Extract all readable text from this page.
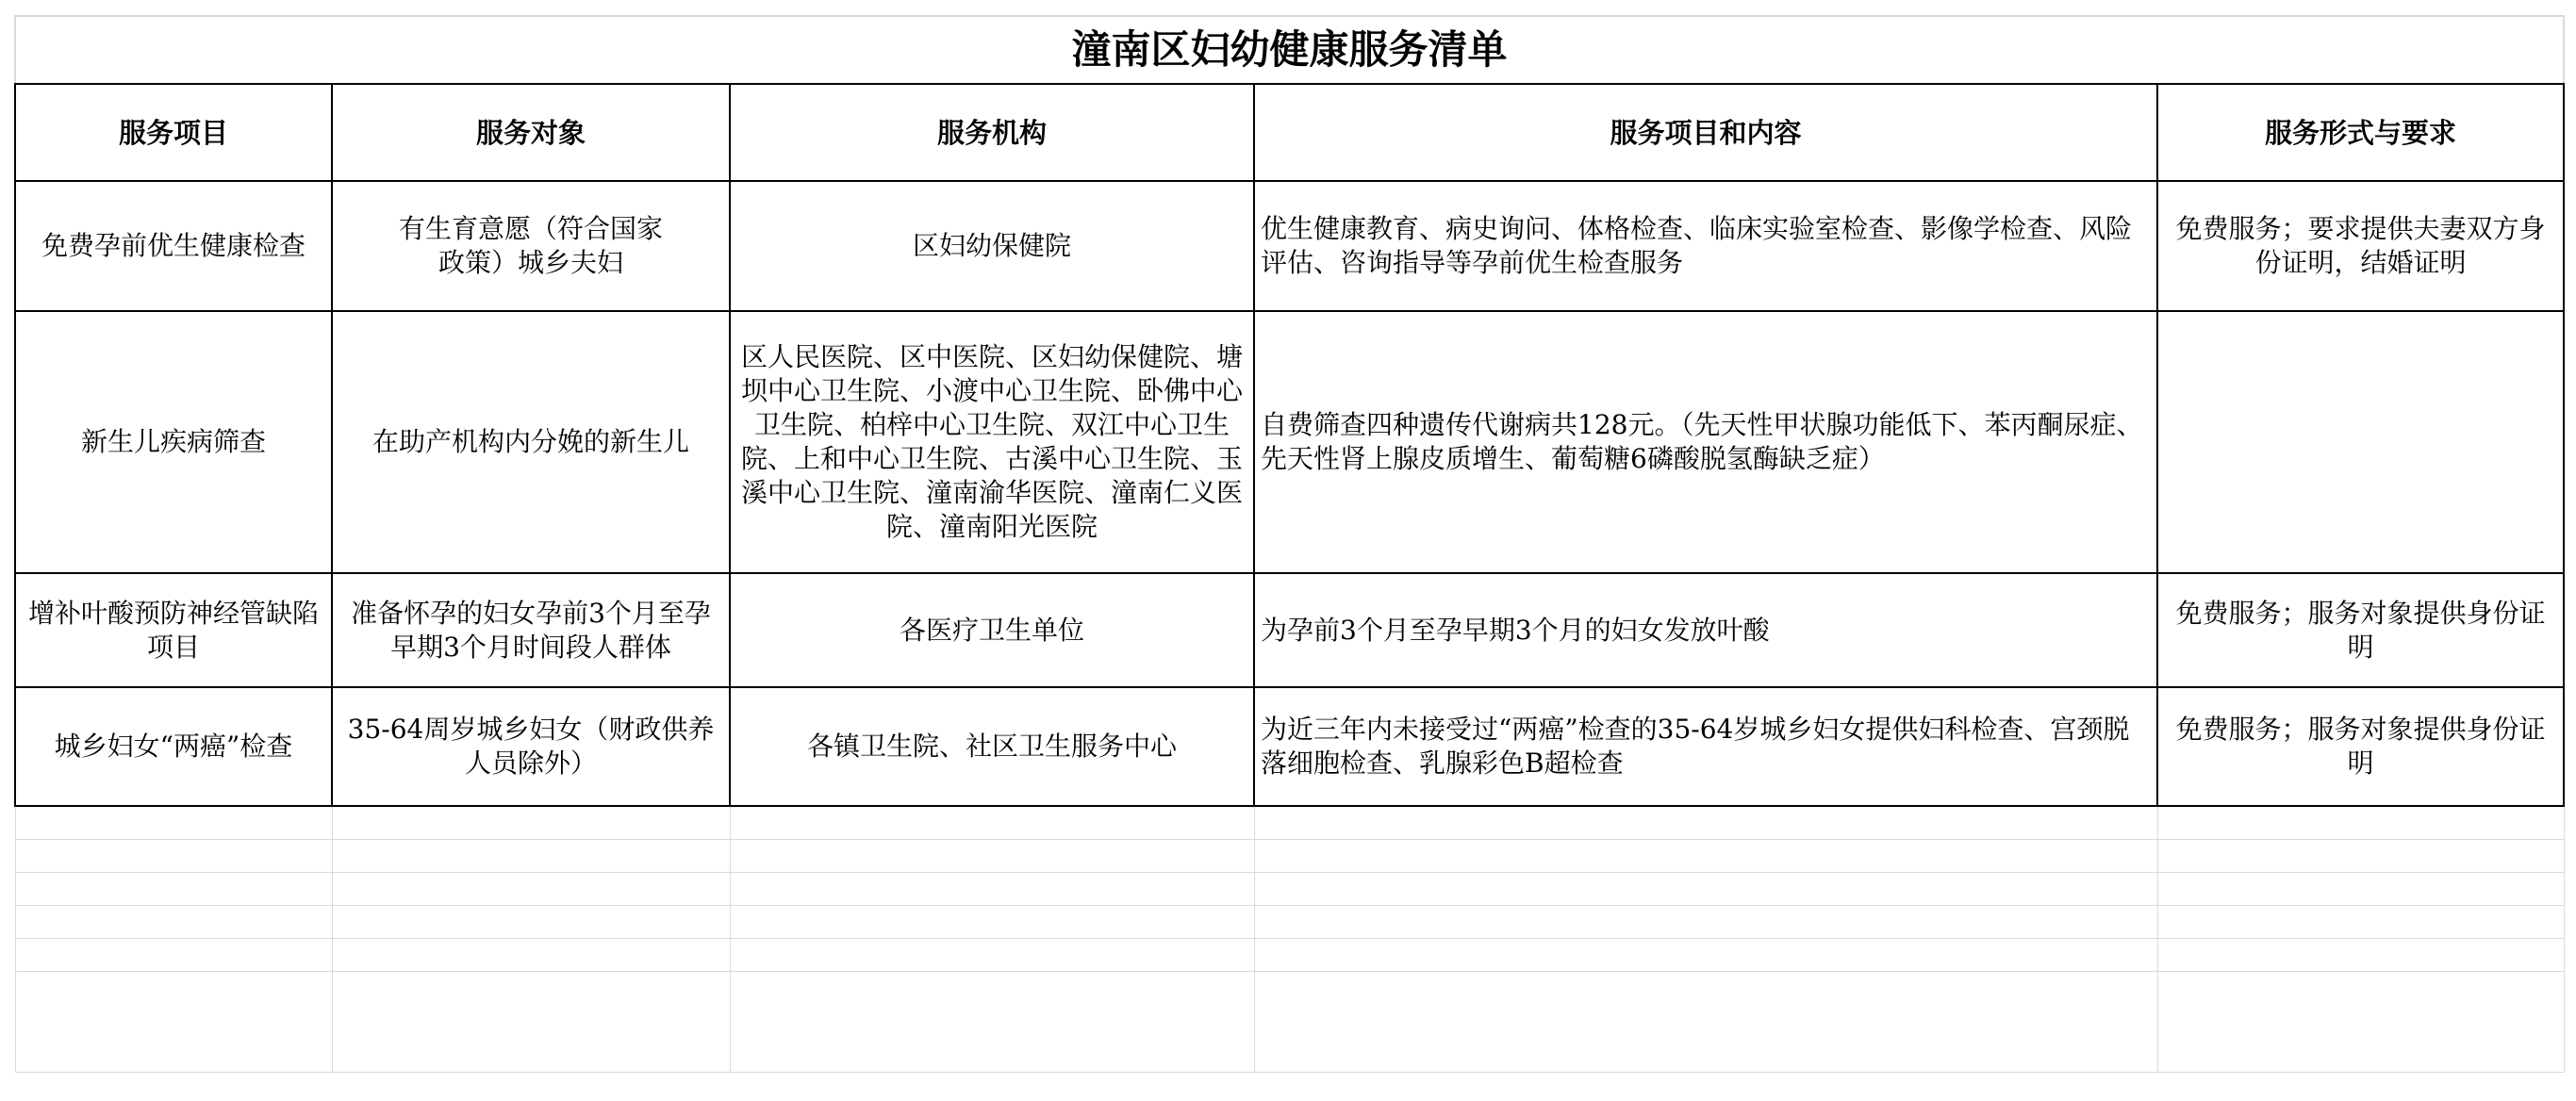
潼南区妇幼健康服务清单				
服务项目	服务对象	服务机构	服务项目和内容	服务形式与要求
免费孕前优生健康检查	有生育意愿（符合国家政策）城乡夫妇	区妇幼保健院	优生健康教育、病史询问、体格检查、临床实验室检查、影像学检查、风险评估、咨询指导等孕前优生检查服务	免费服务；要求提供夫妻双方身份证明，结婚证明
新生儿疾病筛查	在助产机构内分娩的新生儿	区人民医院、区中医院、区妇幼保健院、塘坝中心卫生院、小渡中心卫生院、卧佛中心卫生院、柏梓中心卫生院、双江中心卫生院、上和中心卫生院、古溪中心卫生院、玉溪中心卫生院、潼南渝华医院、潼南仁义医院、潼南阳光医院	自费筛查四种遗传代谢病共128元。（先天性甲状腺功能低下、苯丙酮尿症、先天性肾上腺皮质增生、葡萄糖6磷酸脱氢酶缺乏症）	
增补叶酸预防神经管缺陷项目	准备怀孕的妇女孕前3个月至孕早期3个月时间段人群体	各医疗卫生单位	为孕前3个月至孕早期3个月的妇女发放叶酸	免费服务；服务对象提供身份证明
城乡妇女“两癌”检查	35-64周岁城乡妇女（财政供养人员除外）	各镇卫生院、社区卫生服务中心	为近三年内未接受过“两癌”检查的35-64岁城乡妇女提供妇科检查、宫颈脱落细胞检查、乳腺彩色B超检查	免费服务；服务对象提供身份证明
